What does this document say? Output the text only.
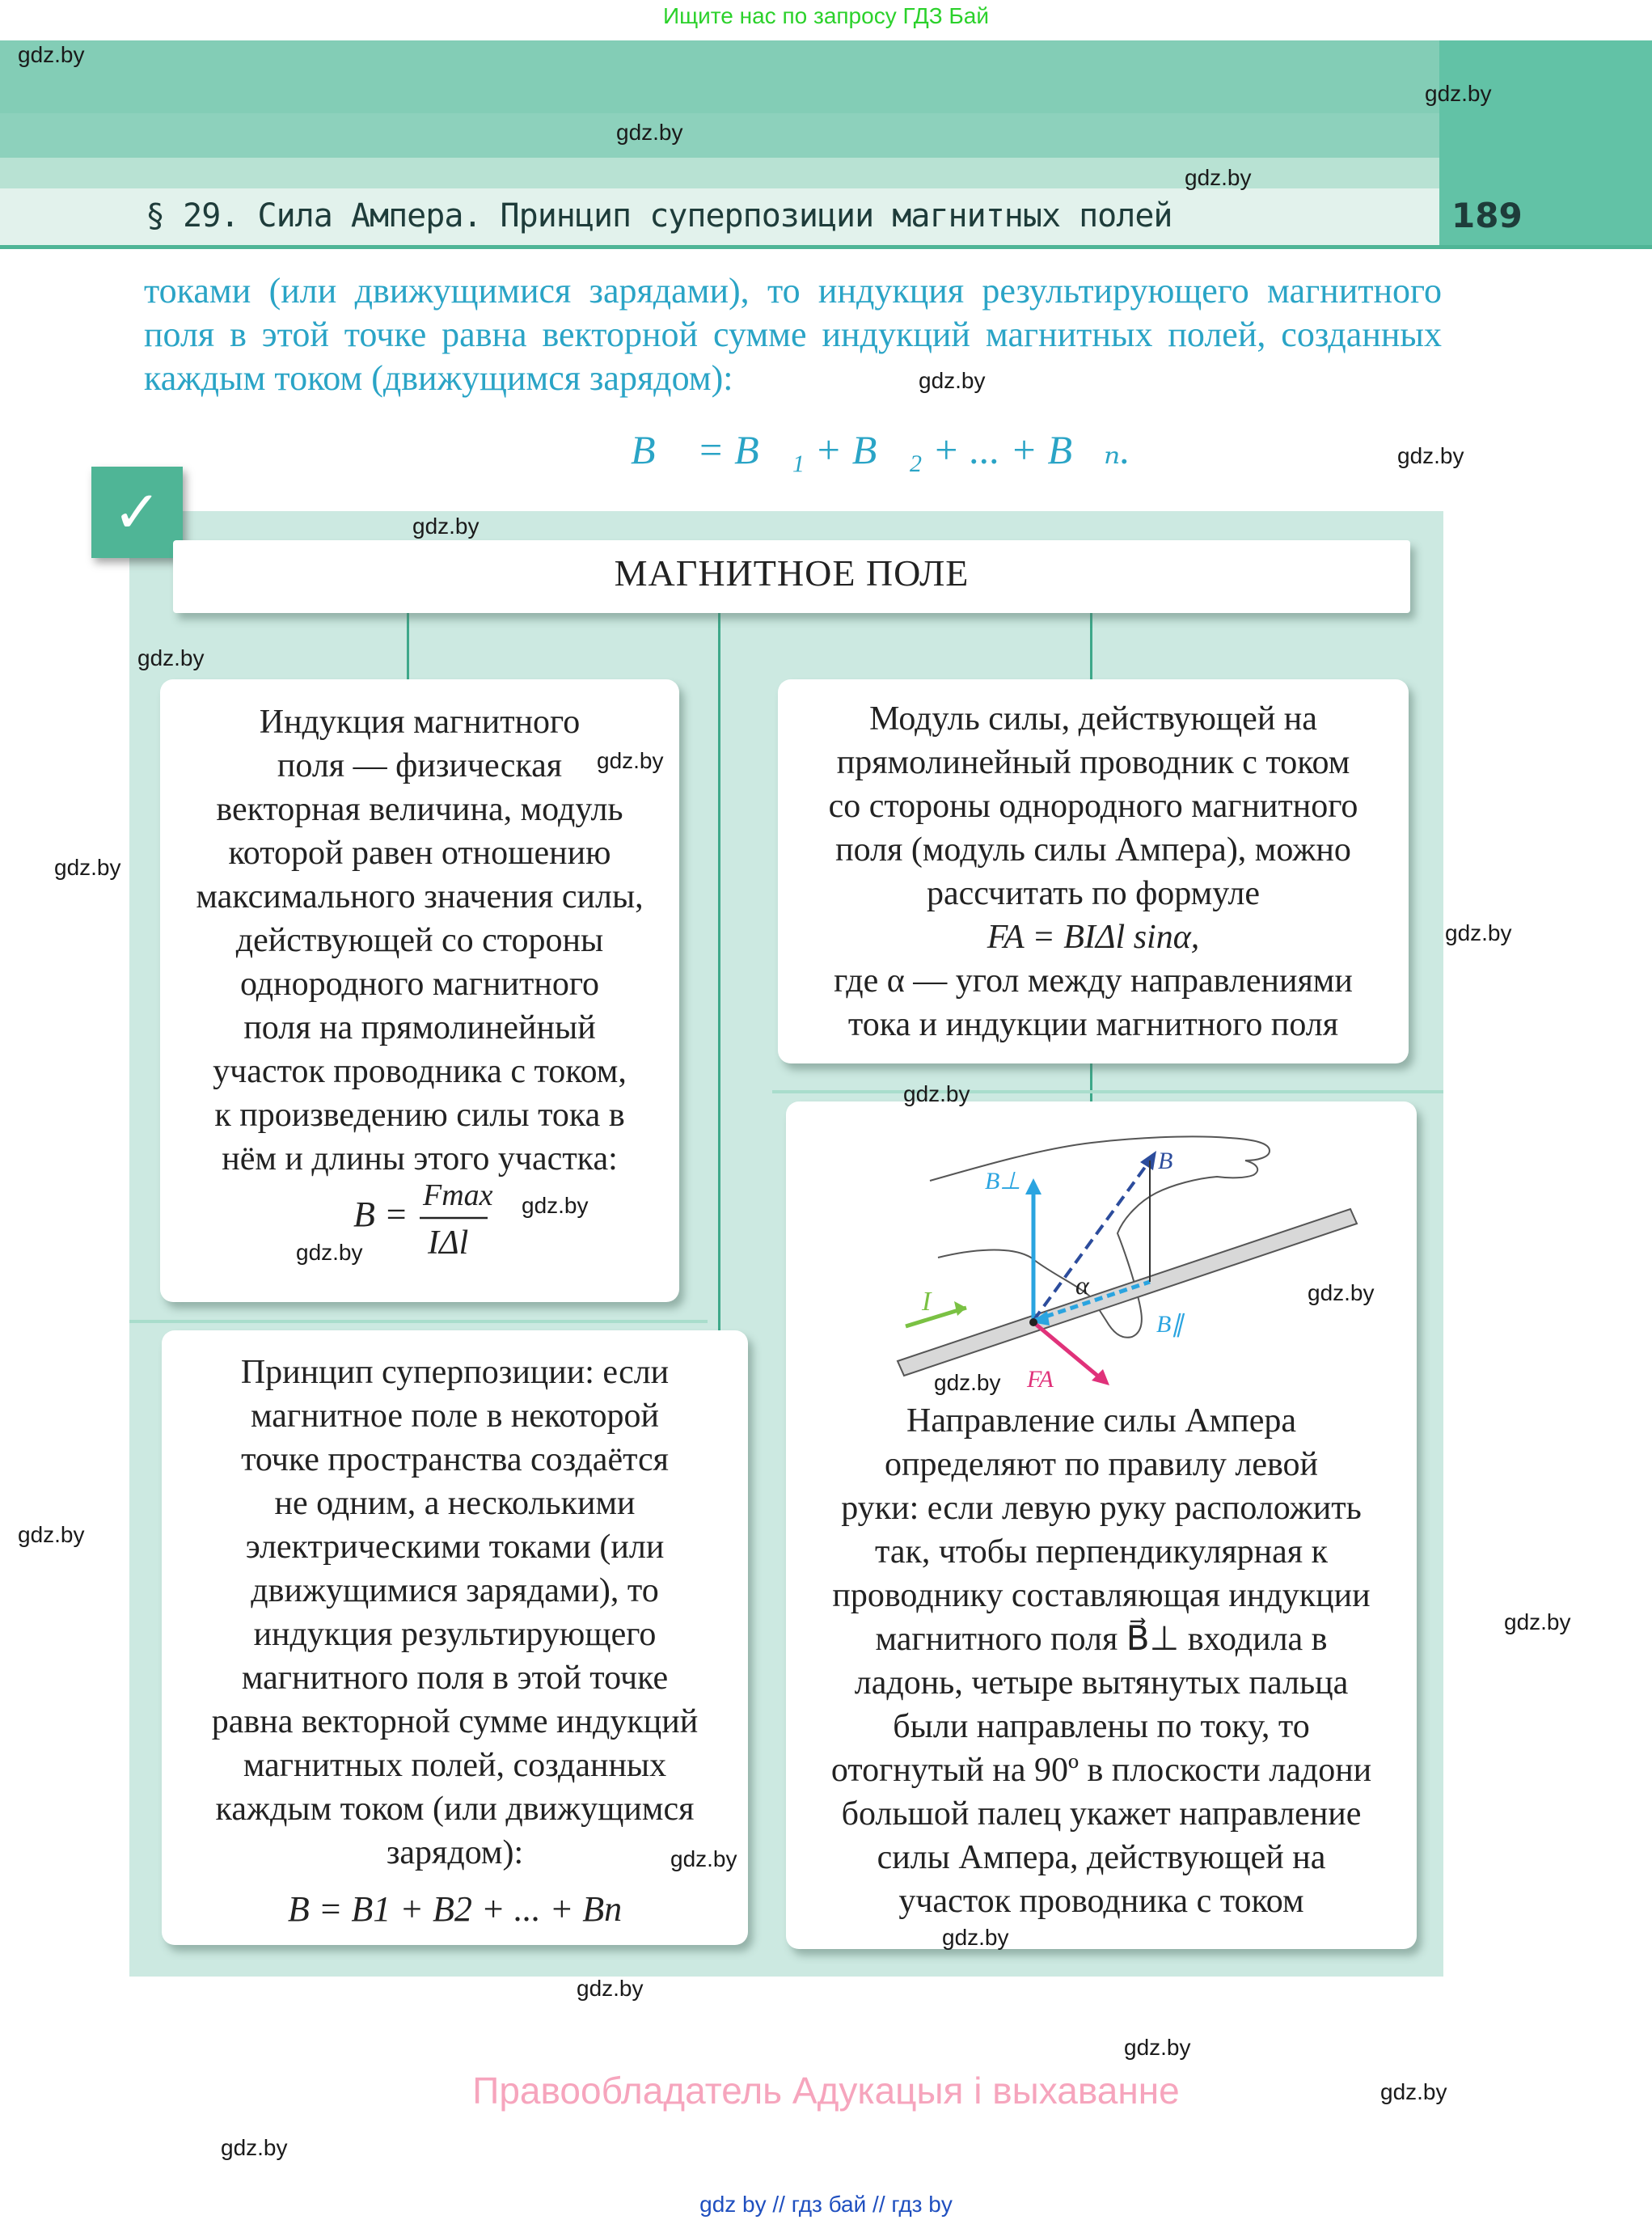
Ищите нас по запросу ГДЗ Бай
§ 29. Сила Ампера. Принцип суперпозиции магнитных полей	189
токами (или движущимися зарядами), то индукция результирующего магнитного поля в этой точке равна векторной сумме индукций магнитных полей, созданных каждым током (движущимся зарядом):
B⃗ = B⃗₁ + B⃗₂ + ... + B⃗ₙ.
✓
МАГНИТНОЕ ПОЛЕ
Индукция магнитного
поля — физическая
векторная величина, модуль
которой равен отношению
максимального значения силы,
действующей со стороны
однородного магнитного
поля на прямолинейный
участок проводника с током,
к произведению силы тока в
нём и длины этого участка:
B = Fmax
IΔl
Модуль силы, действующей на
прямолинейный проводник с током
со стороны однородного магнитного
поля (модуль силы Ампера), можно
рассчитать по формуле
FA = BIΔl sinα,
где α — угол между направлениями
тока и индукции магнитного поля
Принцип суперпозиции: если
магнитное поле в некоторой
точке пространства создаётся
не одним, а несколькими
электрическими токами (или
движущимися зарядами), то
индукция результирующего
магнитного поля в этой точке
равна векторной сумме индукций
магнитных полей, созданных
каждым током (или движущимся
зарядом):
B = B1 + B2 + ... + Bn
I
B⊥
B
B∥
α
FA
Направление силы Ампера
определяют по правилу левой
руки: если левую руку расположить
так, чтобы перпендикулярная к
проводнику составляющая индукции
магнитного поля B⃗⊥ входила в
ладонь, четыре вытянутых пальца
были направлены по току, то
отогнутый на 90º в плоскости ладони
большой палец укажет направление
силы Ампера, действующей на
участок проводника с током
gdz.by
gdz.by
gdz.by
gdz.by
gdz.by
gdz.by
gdz.by
gdz.by
gdz.by
gdz.by
gdz.by
gdz.by
gdz.by
gdz.by
gdz.by
gdz.by
gdz.by
gdz.by
gdz.by
gdz.by
gdz.by
gdz.by
gdz.by
gdz.by
Правообладатель Адукацыя і выхаванне
gdz by // гдз бай // гдз by
